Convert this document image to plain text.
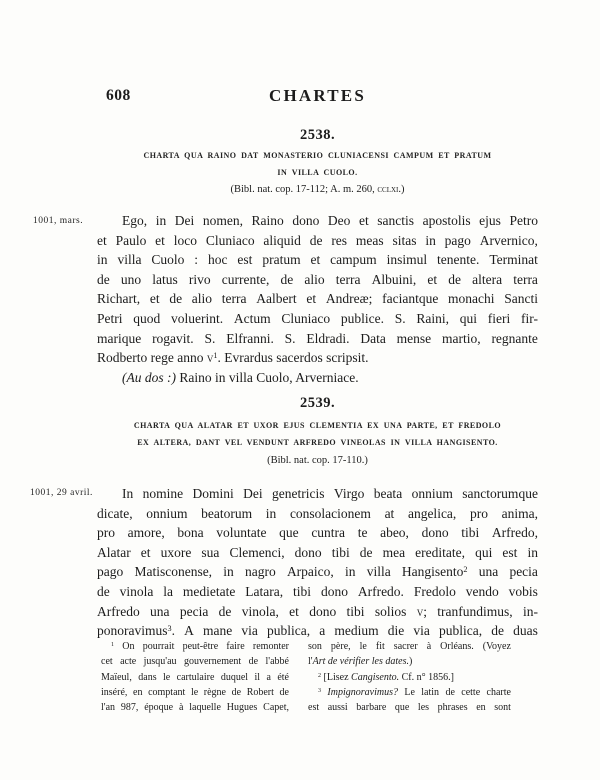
608	CHARTES
1001, mars.
1001, 29 avril.
2538.
CHARTA QUA RAINO DAT MONASTERIO CLUNIACENSI CAMPUM ET PRATUM
IN VILLA CUOLO.
(Bibl. nat. cop. 17-112; A. m. 260, cclxi.)
Ego, in Dei nomen, Raino dono Deo et sanctis apostolis ejus Petro
et Paulo et loco Cluniaco aliquid de res meas sitas in pago Arvernico,
in villa Cuolo : hoc est pratum et campum insimul tenente. Terminat
de uno latus rivo currente, de alio terra Albuini, et de altera terra
Richart, et de alio terra Aalbert et Andreæ; faciantque monachi Sancti
Petri quod voluerint. Actum Cluniaco publice. S. Raini, qui fieri fir-
marique rogavit. S. Elfranni. S. Eldradi. Data mense martio, regnante
Rodberto rege anno $v^1$. Evrardus sacerdos scripsit.
(Au dos :) Raino in villa Cuolo, Arverniace.
2539.
CHARTA QUA ALATAR ET UXOR EJUS CLEMENTIA EX UNA PARTE, ET FREDOLO
EX ALTERA, DANT VEL VENDUNT ARFREDO VINEOLAS IN VILLA HANGISENTO.
(Bibl. nat. cop. 17-110.)
In nomine Domini Dei genetricis Virgo beata onnium sanctorumque
dicate, onnium beatorum in consolacionem at angelica, pro anima,
pro amore, bona voluntate que cuntra te abeo, dono tibi Arfredo,
Alatar et uxore sua Clemenci, dono tibi de mea ereditate, qui est in
pago Matisconense, in nagro Arpaico, in villa Hangisento$^2$ una pecia
de vinola la medietate Latara, tibi dono Arfredo. Fredolo vendo vobis
Arfredo una pecia de vinola, et dono tibi solios v; tranfundimus, in-
ponoravimus$^3$. A mane via publica, a medium die via publica, de duas
$^1$ On pourrait peut-être faire remonter
cet acte jusqu'au gouvernement de l'abbé
Maïeul, dans le cartulaire duquel il a été
inséré, en comptant le règne de Robert de
l'an 987, époque à laquelle Hugues Capet,
son père, le fit sacrer à Orléans. (Voyez
l'Art de vérifier les dates.)
$^2$ [Lisez Cangisento. Cf. n° 1856.]
$^3$ Impignoravimus? Le latin de cette charte
est aussi barbare que les phrases en sont
